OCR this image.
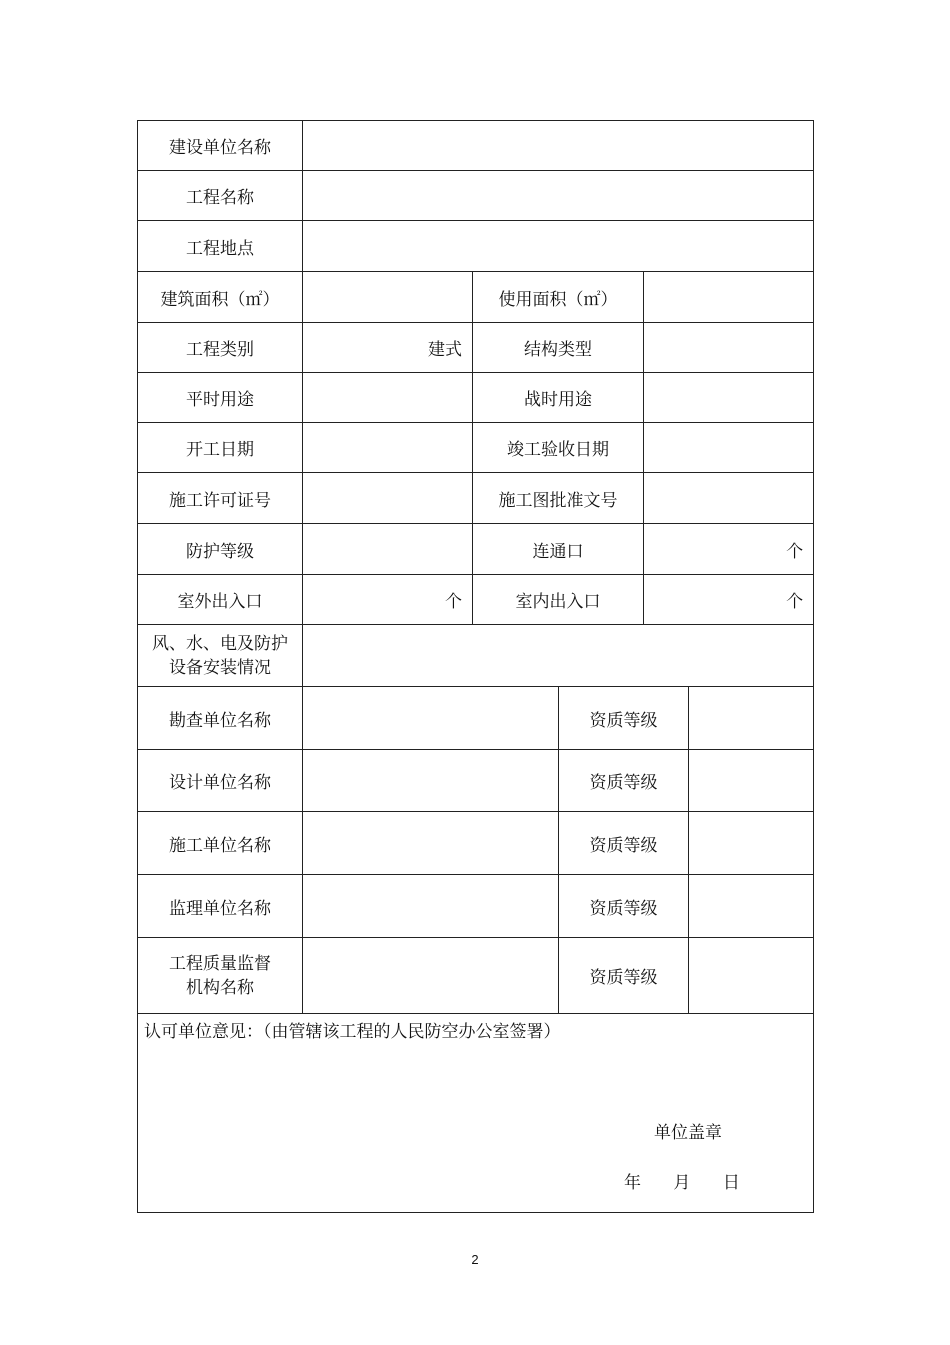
建设单位名称					
工程名称					
工程地点					
建筑面积（㎡）		使用面积（㎡）			
工程类别	建式	结构类型			
平时用途		战时用途			
开工日期		竣工验收日期			
施工许可证号		施工图批准文号			
防护等级		连通口		个	
室外出入口	个	室内出入口		个	

风、水、电及防护
设备安装情况					

勘查单位名称			资质等级		
设计单位名称			资质等级		
施工单位名称			资质等级		
监理单位名称			资质等级		

工程质量监督
机构名称			资质等级		

认可单位意见：（由管辖该工程的人民防空办公室签署）
单位盖章
年 月 日					
2
